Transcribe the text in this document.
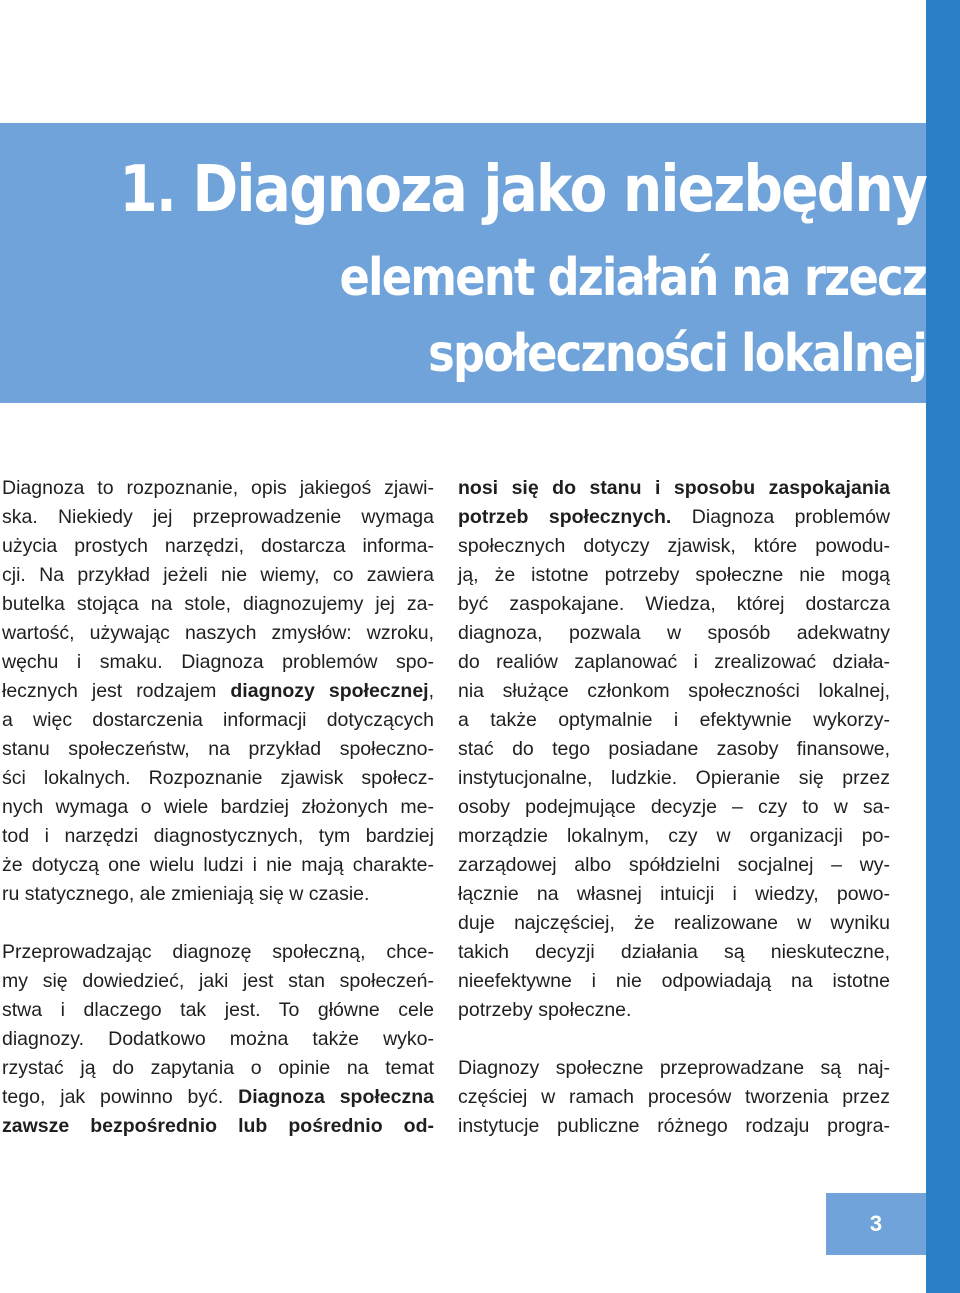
1. Diagnoza jako niezbędny
element działań na rzecz
społeczności lokalnej

Diagnoza to rozpoznanie, opis jakiegoś zjawi-
ska. Niekiedy jej przeprowadzenie wymaga
użycia prostych narzędzi, dostarcza informa-
cji. Na przykład jeżeli nie wiemy, co zawiera
butelka stojąca na stole, diagnozujemy jej za-
wartość, używając naszych zmysłów: wzroku,
węchu i smaku. Diagnoza problemów spo-
łecznych jest rodzajem diagnozy społecznej,
a więc dostarczenia informacji dotyczących
stanu społeczeństw, na przykład społeczno-
ści lokalnych. Rozpoznanie zjawisk społecz-
nych wymaga o wiele bardziej złożonych me-
tod i narzędzi diagnostycznych, tym bardziej
że dotyczą one wielu ludzi i nie mają charakte-
ru statycznego, ale zmieniają się w czasie.

Przeprowadzając diagnozę społeczną, chce-
my się dowiedzieć, jaki jest stan społeczeń-
stwa i dlaczego tak jest. To główne cele
diagnozy. Dodatkowo można także wyko-
rzystać ją do zapytania o opinie na temat
tego, jak powinno być. Diagnoza społeczna
zawsze bezpośrednio lub pośrednio od-

nosi się do stanu i sposobu zaspokajania
potrzeb społecznych. Diagnoza problemów
społecznych dotyczy zjawisk, które powodu-
ją, że istotne potrzeby społeczne nie mogą
być zaspokajane. Wiedza, której dostarcza
diagnoza, pozwala w sposób adekwatny
do realiów zaplanować i zrealizować działa-
nia służące członkom społeczności lokalnej,
a także optymalnie i efektywnie wykorzy-
stać do tego posiadane zasoby finansowe,
instytucjonalne, ludzkie. Opieranie się przez
osoby podejmujące decyzje – czy to w sa-
morządzie lokalnym, czy w organizacji po-
zarządowej albo spółdzielni socjalnej – wy-
łącznie na własnej intuicji i wiedzy, powo-
duje najczęściej, że realizowane w wyniku
takich decyzji działania są nieskuteczne,
nieefektywne i nie odpowiadają na istotne
potrzeby społeczne.

Diagnozy społeczne przeprowadzane są naj-
częściej w ramach procesów tworzenia przez
instytucje publiczne różnego rodzaju progra-

3
